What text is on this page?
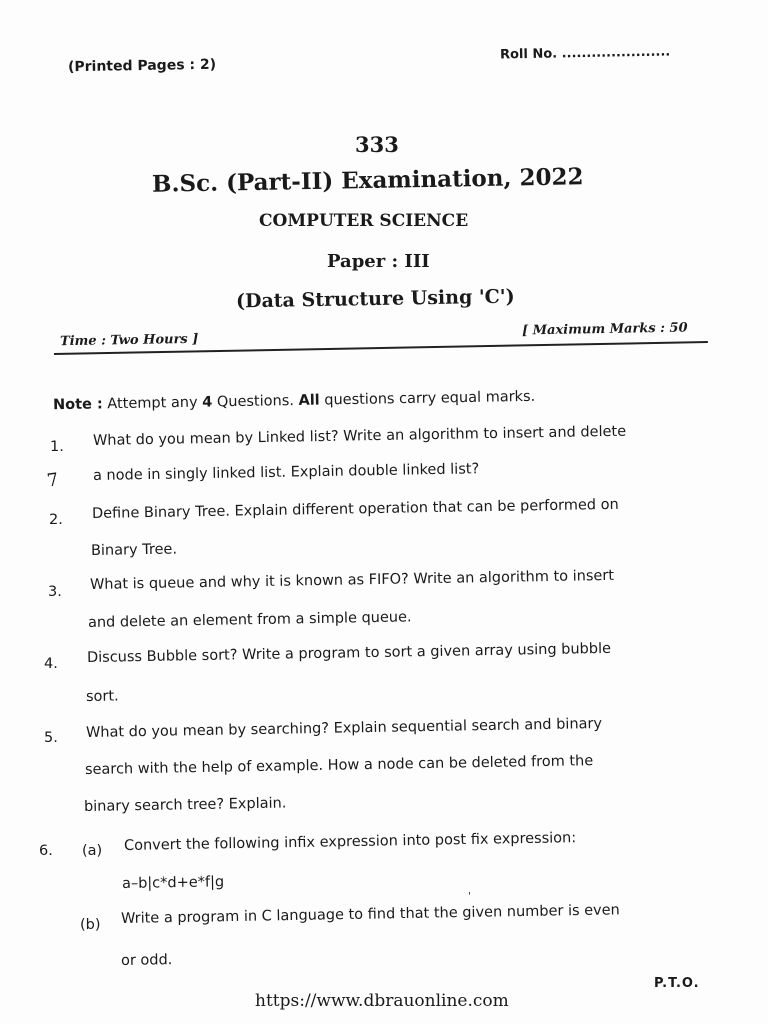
(Printed Pages : 2)
Roll No. ......................
333
B.Sc. (Part-II) Examination, 2022
COMPUTER SCIENCE
Paper : III
(Data Structure Using 'C')
Time : Two Hours ]
[ Maximum Marks : 50
Note : Attempt any 4 Questions. All questions carry equal marks.
1. What do you mean by Linked list? Write an algorithm to insert and delete
a node in singly linked list. Explain double linked list?
2. Define Binary Tree. Explain different operation that can be performed on
Binary Tree.
3. What is queue and why it is known as FIFO? Write an algorithm to insert
and delete an element from a simple queue.
4. Discuss Bubble sort? Write a program to sort a given array using bubble
sort.
5. What do you mean by searching? Explain sequential search and binary
search with the help of example. How a node can be deleted from the
binary search tree? Explain.
6. (a) Convert the following infix expression into post fix expression:
a–b|c*d+e*f|g
(b) Write a program in C language to find that the given number is even
or odd.
7
'
P.T.O.
https://www.dbrauonline.com
